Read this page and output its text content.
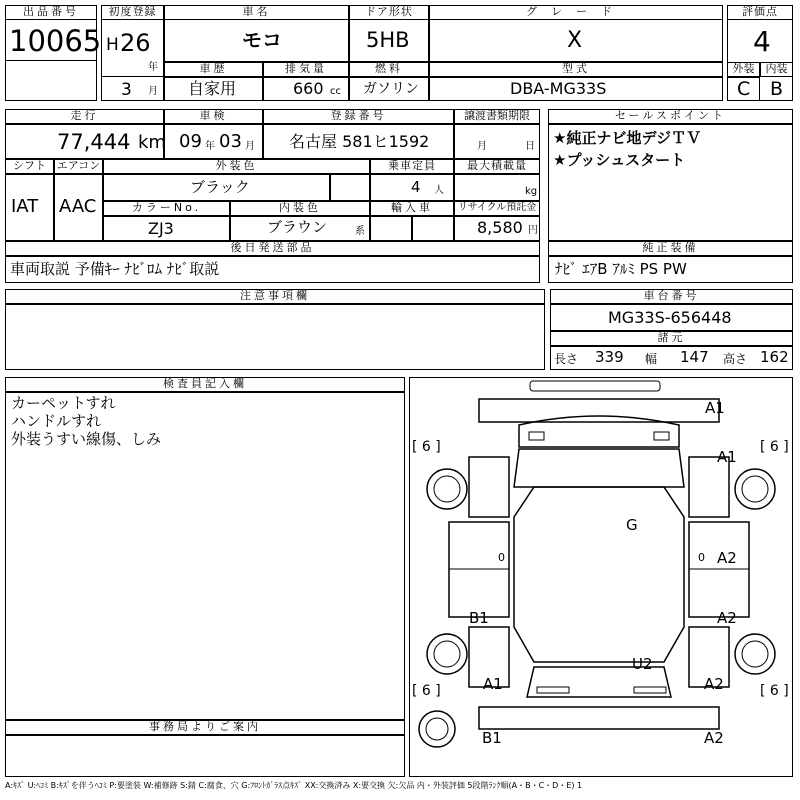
出品番号
10065
初度登録
H 26
年
3 月
車名
モコ
ドア形状
5HB
グレード
X
評価点
4
外装	内装
C B
車歴
自家用
排気量
660 cc
燃料
ガソリン
型式
DBA-MG33S
走行
77,444 km
車検
09 年 03 月
登録番号
名古屋 581ヒ1592
譲渡書類期限
月	日
セールスポイント
★純正ナビ地デジＴＶ
★プッシュスタート
シフト
IAT
エアコン
AAC
外装色
ブラック
乗車定員
4 人
最大積載量
kg
カラーNo.
ZJ3
内装色
ブラウン	系
輸入車	リサイクル預託金
8,580 円
後日発送部品
車両取説 予備ｷｰ ﾅﾋﾞﾛﾑ ﾅﾋﾞ取説
純正装備
ﾅﾋﾞ ｴｱB ｱﾙﾐ PS PW
注意事項欄	車台番号
MG33S-656448
諸元
長さ 339 幅 147 高さ 162
検査員記入欄
カーペットすれ
ハンドルすれ
外装うすい線傷、しみ
事務局よりご案内
A1
A1
G
A2
A2
B1
U2
A1	A2
B1	A2
[ 6 ]	[ 6 ]
[ 6 ]	[ 6 ]
0	0
A:ｷｽﾞ U:ﾍｺﾐ B:ｷｽﾞを伴うﾍｺﾐ P:要塗装 W:補修跡 S:錆 C:腐食、穴 G:ﾌﾛﾝﾄｶﾞﾗｽ点ｷｽﾞ XX:交換済み X:要交換 欠:欠品 内・外装評価 5段階ﾗﾝｸ順(A・B・C・D・E) 1
